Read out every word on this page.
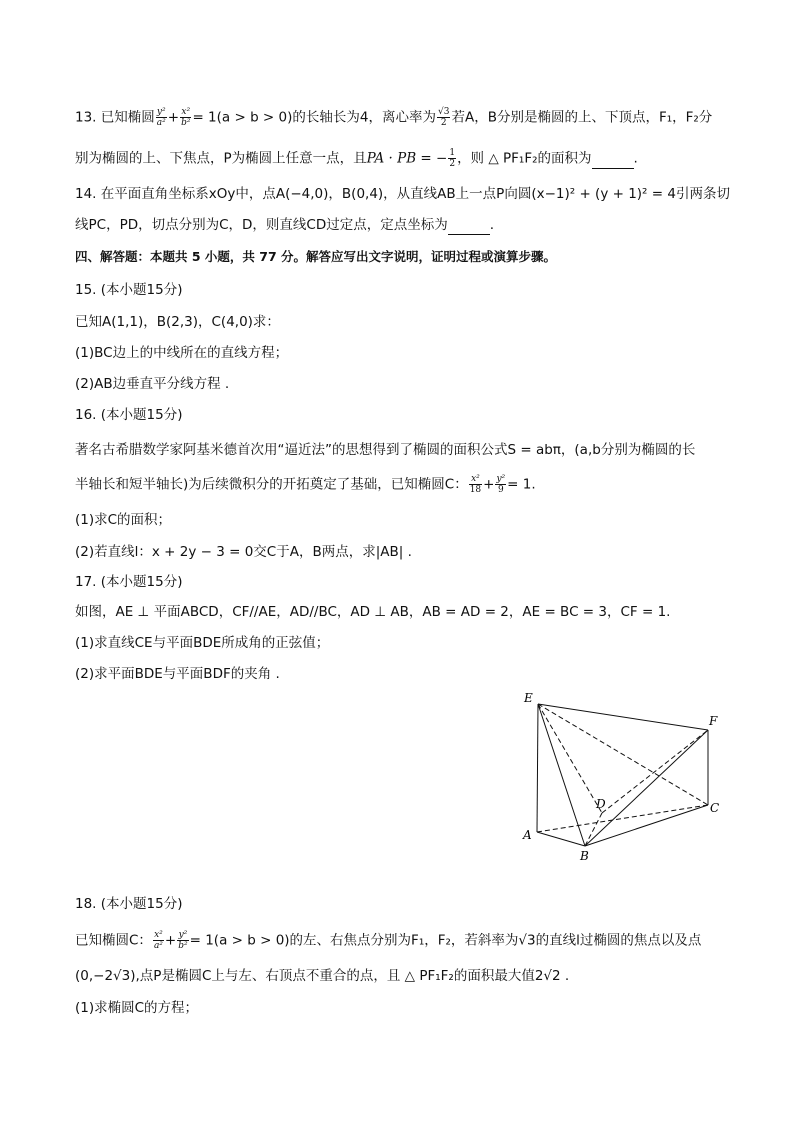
13. 已知椭圆 $\frac{\text{y²}}{\text{a²}} + \frac{\text{x²}}{\text{b²}} = 1(a > b > 0)$的长轴长为4，离心率为 $\frac{√3}{2}$ 若A，B分别是椭圆的上、下顶点，F₁，F₂分
别为椭圆的上、下焦点，P为椭圆上任意一点，且PA · PB = − $\frac{1}{2}$ ，则 △ PF₁F₂的面积为	.
14. 在平面直角坐标系xOy中，点A(−4,0)，B(0,4)，从直线AB上一点P向圆(x−1)² + (y + 1)² = 4引两条切
线PC，PD，切点分别为C，D，则直线CD过定点，定点坐标为	.
四、解答题：本题共 5 小题，共 77 分。解答应写出文字说明，证明过程或演算步骤。
15. (本小题15分)
已知A(1,1)，B(2,3)，C(4,0)求：
(1)BC边上的中线所在的直线方程；
(2)AB边垂直平分线方程 .
16. (本小题15分)
著名古希腊数学家阿基米德首次用“逼近法”的思想得到了椭圆的面积公式S = abπ，(a,b分别为椭圆的长
半轴长和短半轴长)为后续微积分的开拓奠定了基础，已知椭圆C： $\frac{\text{x²}}{18} + \frac{\text{y²}}{9} = 1$.
(1)求C的面积；
(2)若直线l：x + 2y − 3 = 0交C于A，B两点，求|AB| .
17. (本小题15分)
如图，AE ⊥ 平面ABCD，CF//AE，AD//BC，AD ⊥ AB，AB = AD = 2，AE = BC = 3，CF = 1.
(1)求直线CE与平面BDE所成角的正弦值；
(2)求平面BDE与平面BDF的夹角 .
E
F
D	C
A
B
18. (本小题15分)
已知椭圆C： $\frac{\text{x²}}{\text{a²}} + \frac{\text{y²}}{\text{b²}} = 1(a > b > 0)$的左、右焦点分别为F₁，F₂，若斜率为√3的直线l过椭圆的焦点以及点
(0,−2√3),点P是椭圆C上与左、右顶点不重合的点，且 △ PF₁F₂的面积最大值2√2 .
(1)求椭圆C的方程；
